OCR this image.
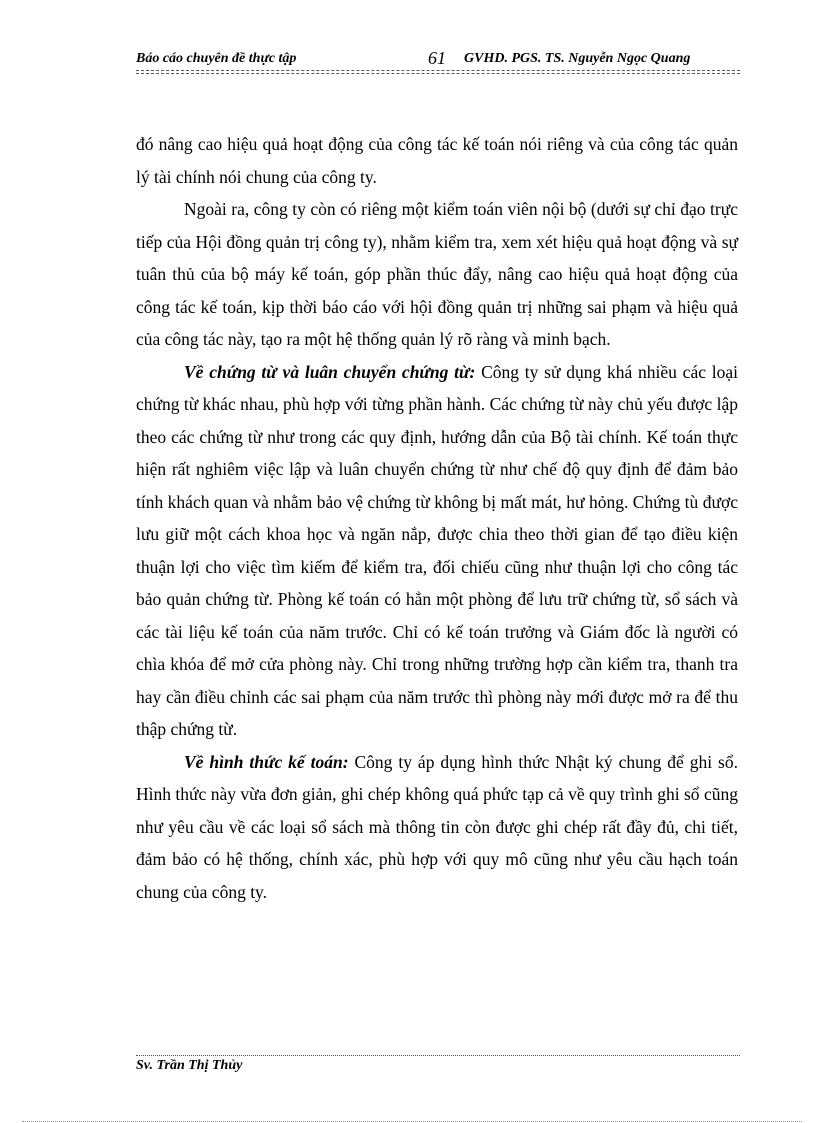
Báo cáo chuyên đề thực tập	61 GVHD. PGS. TS. Nguyễn Ngọc Quang

đó nâng cao hiệu quả hoạt động của công tác kế toán nói riêng và của công tác quản lý tài chính nói chung của công ty.

Ngoài ra, công ty còn có riêng một kiểm toán viên nội bộ (dưới sự chỉ đạo trực tiếp của Hội đồng quản trị công ty), nhằm kiểm tra, xem xét hiệu quả hoạt động và sự tuân thủ của bộ máy kế toán, góp phần thúc đẩy, nâng cao hiệu quả hoạt động của công tác kế toán, kịp thời báo cáo với hội đồng quản trị những sai phạm và hiệu quả của công tác này, tạo ra một hệ thống quản lý rõ ràng và minh bạch.

Về chứng từ và luân chuyển chứng từ: Công ty sử dụng khá nhiều các loại chứng từ khác nhau, phù hợp với từng phần hành. Các chứng từ này chủ yếu được lập theo các chứng từ như trong các quy định, hướng dẫn của Bộ tài chính. Kế toán thực hiện rất nghiêm việc lập và luân chuyển chứng từ như chế độ quy định để đảm bảo tính khách quan và nhằm bảo vệ chứng từ không bị mất mát, hư hỏng. Chứng tù được lưu giữ một cách khoa học và ngăn nắp, được chia theo thời gian để tạo điều kiện thuận lợi cho việc tìm kiếm để kiểm tra, đối chiếu cũng như thuận lợi cho công tác bảo quản chứng từ. Phòng kế toán có hẳn một phòng để lưu trữ chứng từ, sổ sách và các tài liệu kế toán của năm trước. Chỉ có kế toán trưởng và Giám đốc là người có chìa khóa để mở cửa phòng này. Chỉ trong những trường hợp cần kiểm tra, thanh tra hay cần điều chỉnh các sai phạm của năm trước thì phòng này mới được mở ra để thu thập chứng từ.

Về hình thức kế toán: Công ty áp dụng hình thức Nhật ký chung để ghi sổ. Hình thức này vừa đơn giản, ghi chép không quá phức tạp cả về quy trình ghi sổ cũng như yêu cầu về các loại sổ sách mà thông tin còn được ghi chép rất đầy đủ, chi tiết, đảm bảo có hệ thống, chính xác, phù hợp với quy mô cũng như yêu cầu hạch toán chung của công ty.

Sv. Trần Thị Thủy
